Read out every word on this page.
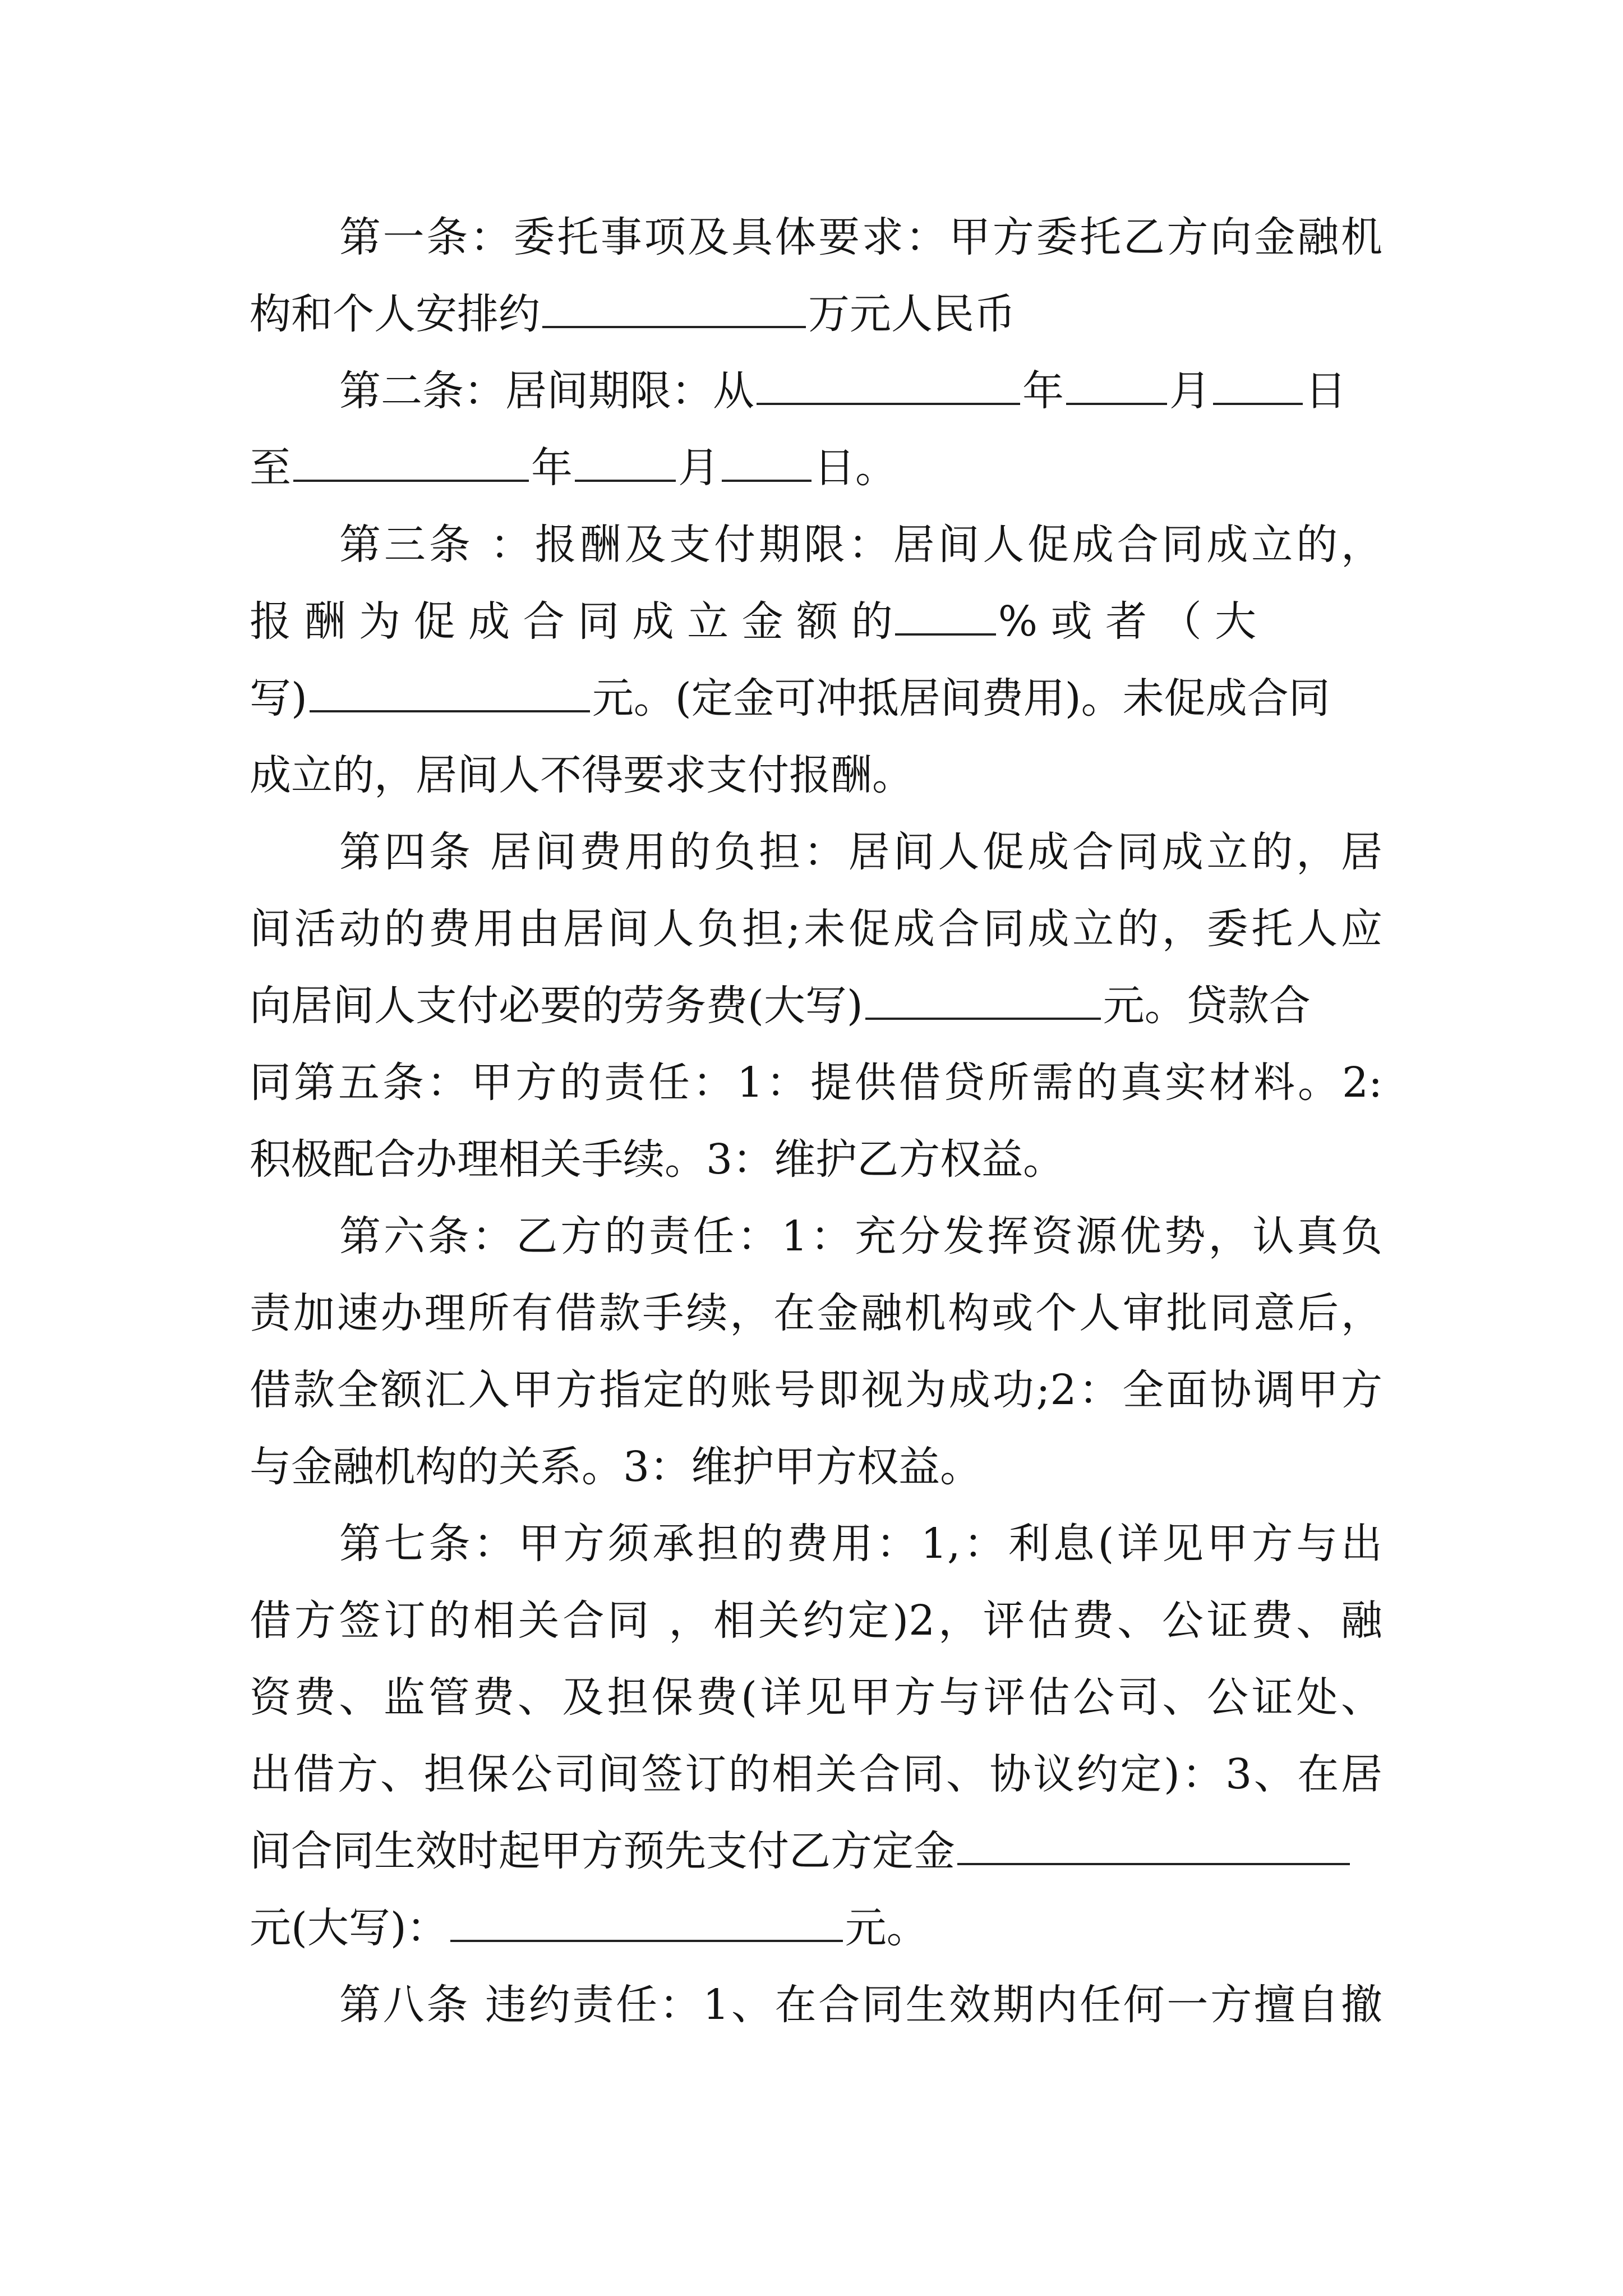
第一条：委托事项及具体要求：甲方委托乙方向金融机
构和个人安排约	万元人民币
第二条：居间期限：从	年	月 日
至	年	月 日。
第三条 ：报酬及支付期限：居间人促成合同成立的，
报 酬 为 促 成 合 同 成 立 金 额 的	% 或 者 （ 大
写)	元。(定金可冲抵居间费用)。未促成合同
成立的，居间人不得要求支付报酬。
第四条 居间费用的负担：居间人促成合同成立的，居
间活动的费用由居间人负担;未促成合同成立的，委托人应
向居间人支付必要的劳务费(大写)	元。贷款合
同第五条：甲方的责任：1：提供借贷所需的真实材料。2:
积极配合办理相关手续。3：维护乙方权益。
第六条：乙方的责任：1：充分发挥资源优势，认真负
责加速办理所有借款手续，在金融机构或个人审批同意后，
借款全额汇入甲方指定的账号即视为成功;2：全面协调甲方
与金融机构的关系。3：维护甲方权益。
第七条：甲方须承担的费用：1,：利息(详见甲方与出
借方签订的相关合同 ，相关约定)2，评估费、公证费、融
资费、监管费、及担保费(详见甲方与评估公司、公证处、
出借方、担保公司间签订的相关合同、协议约定)：3、在居
间合同生效时起甲方预先支付乙方定金
元(大写)：	元。
第八条 违约责任：1、在合同生效期内任何一方擅自撤
